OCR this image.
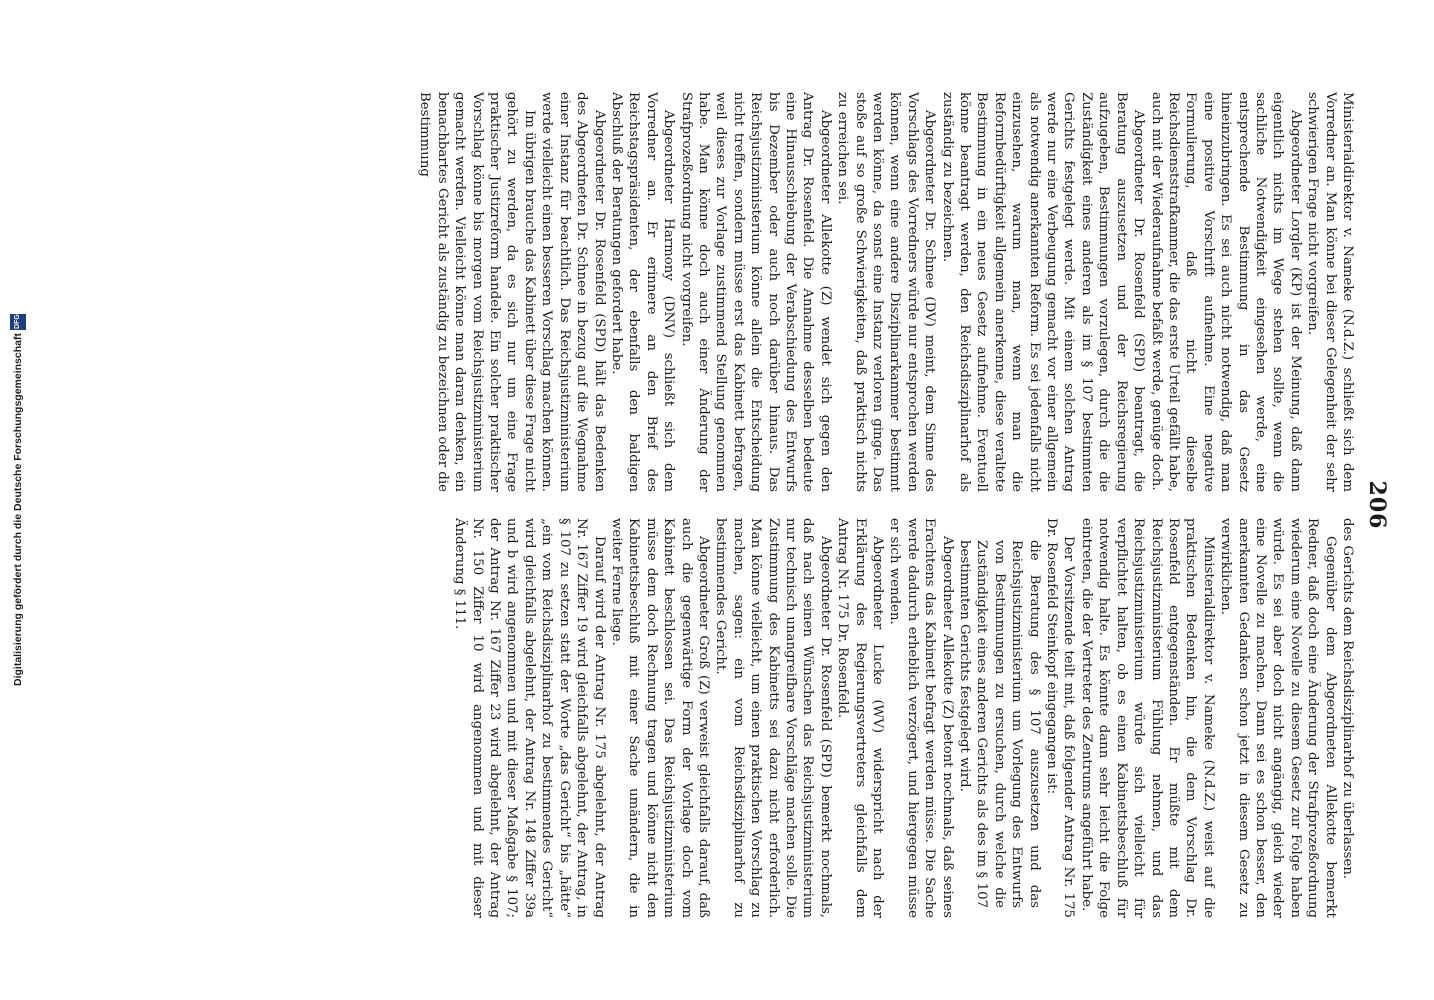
206

Ministerialdirektor v. Nameke (N.d.Z.) schließt sich dem Vorredner an. Man könne bei dieser Gelegenheit der sehr schwierigen Frage nicht vorgreifen.

Abgeordneter Lorgler (KP) ist der Meinung, daß dann eigentlich nichts im Wege stehen sollte, wenn die sachliche Notwendigkeit eingesehen werde, eine entsprechende Bestimmung in das Gesetz hineinzubringen. Es sei auch nicht notwendig, daß man eine positive Vorschrift aufnehme. Eine negative Formulierung, daß nicht dieselbe Reichsdienststrafkammer, die das erste Urteil gefällt habe, auch mit der Wiederaufnahme befaßt werde, genüge doch.

Abgeordneter Dr. Rosenfeld (SPD) beantragt, die Beratung auszusetzen und der Reichsregierung aufzugeben, Bestimmungen vorzulegen, durch die die Zuständigkeit eines anderen als im § 107 bestimmten Gerichts festgelegt werde. Mit einem solchen Antrag werde nur eine Verbeugung gemacht vor einer allgemein als notwendig anerkannten Reform. Es sei jedenfalls nicht einzusehen, warum man, wenn man die Reformbedürftigkeit allgemein anerkenne, diese veraltete Bestimmung in ein neues Gesetz aufnehme. Eventuell könne beantragt werden, den Reichsdisziplinarhof als zuständig zu bezeichnen.

Abgeordneter Dr. Schnee (DV) meint, dem Sinne des Vorschlags des Vorredners würde nur entsprochen werden können, wenn eine andere Disziplinarkammer bestimmt werden könne, da sonst eine Instanz verloren ginge. Das stoße auf so große Schwierigkeiten, daß praktisch nichts zu erreichen sei.

Abgeordneter Allekotte (Z) wendet sich gegen den Antrag Dr. Rosenfeld. Die Annahme desselben bedeute eine Hinausschiebung der Verabschiedung des Entwurfs bis Dezember oder auch noch darüber hinaus. Das Reichsjustizministerium könne allein die Entscheidung nicht treffen, sondern müsse erst das Kabinett befragen, weil dieses zur Vorlage zustimmend Stellung genommen habe. Man könne doch auch einer Änderung der Strafprozeßordnung nicht vorgreifen.

Abgeordneter Harmony (DNV) schließt sich dem Vorredner an. Er erinnere an den Brief des Reichstagspräsidenten, der ebenfalls den baldigen Abschluß der Beratungen gefordert habe.

Abgeordneter Dr. Rosenfeld (SPD) hält das Bedenken des Abgeordneten Dr. Schnee in bezug auf die Wegnahme einer Instanz für beachtlich. Das Reichsjustizministerium werde vielleicht einen besseren Vorschlag machen können.

Im übrigen brauche das Kabinett über diese Frage nicht gehört zu werden, da es sich nur um eine Frage praktischer Justizreform handele. Ein solcher praktischer Vorschlag könne bis morgen vom Reichsjustizministerium gemacht werden. Vielleicht könne man daran denken, ein benachbartes Gericht als zuständig zu bezeichnen oder die Bestimmung

des Gerichts dem Reichsdisziplinarhof zu überlassen.

Gegenüber dem Abgeordneten Allekotte bemerkt Redner, daß doch eine Änderung der Strafprozeßordnung wiederum eine Novelle zu diesem Gesetz zur Folge haben würde. Es sei aber doch nicht angängig, gleich wieder eine Novelle zu machen. Dann sei es schon besser, den anerkannten Gedanken schon jetzt in diesem Gesetz zu verwirklichen.

Ministerialdirektor v. Nameke (N.d.Z.) weist auf die praktischen Bedenken hin, die dem Vorschlag Dr. Rosenfeld entgegenständen. Er müßte mit dem Reichsjustizministerium Fühlung nehmen, und das Reichsjustizministerium würde sich vielleicht für verpflichtet halten, ob es einen Kabinettsbeschluß für notwendig halte. Es könnte dann sehr leicht die Folge eintreten, die der Vertreter des Zentrums angeführt habe.

Der Vorsitzende teilt mit, daß folgender Antrag Nr. 175 Dr. Rosenfeld Steinkopf eingegangen ist:

die Beratung des § 107 auszusetzen und das Reichsjustizministerium um Vorlegung des Entwurfs von Bestimmungen zu ersuchen, durch welche die Zuständigkeit eines anderen Gerichts als des im § 107 bestimmten Gerichts festgelegt wird.

Abgeordneter Allekotte (Z) betont nochmals, daß seines Erachtens das Kabinett befragt werden müsse. Die Sache werde dadurch erheblich verzögert, und hiergegen müsse er sich wenden.

Abgeordneter Lucke (WV) widerspricht nach der Erklärung des Regierungsvertreters gleichfalls dem Antrag Nr. 175 Dr. Rosenfeld.

Abgeordneter Dr. Rosenfeld (SPD) bemerkt nochmals, daß nach seinen Wünschen das Reichsjustizministerium nur technisch unangreifbare Vorschläge machen solle. Die Zustimmung des Kabinetts sei dazu nicht erforderlich. Man könne vielleicht, um einen praktischen Vorschlag zu machen, sagen: ein vom Reichsdisziplinarhof zu bestimmendes Gericht.

Abgeordneter Groß (Z) verweist gleichfalls darauf, daß auch die gegenwärtige Form der Vorlage doch vom Kabinett beschlossen sei. Das Reichsjustizministerium müsse dem doch Rechnung tragen und könne nicht den Kabinettsbeschluß mit einer Sache umändern, die in weiter Ferne liege.

Darauf wird der Antrag Nr. 175 abgelehnt, der Antrag Nr. 167 Ziffer 19 wird gleichfalls abgelehnt, der Antrag, in § 107 zu setzen statt der Worte „das Gericht“ bis „hätte“ „ein vom Reichsdisziplinarhof zu bestimmendes Gericht“ wird gleichfalls abgelehnt, der Antrag Nr. 148 Ziffer 39a und b wird angenommen und mit dieser Maßgabe § 107; der Antrag Nr. 167 Ziffer 23 wird abgelehnt, der Antrag Nr. 150 Ziffer 10 wird angenommen und mit dieser Änderung § 111.

Digitalisierung gefördert durch die Deutsche Forschungsgemeinschaft
DFG
